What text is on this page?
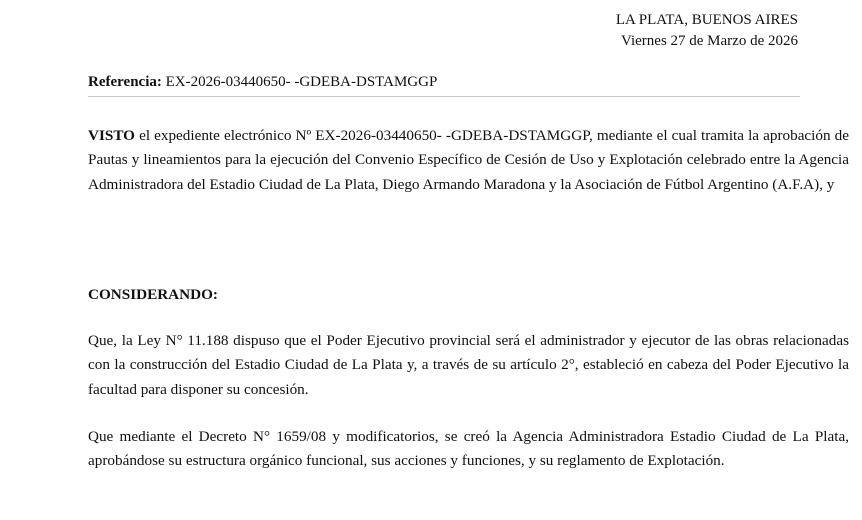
LA PLATA, BUENOS AIRES
Viernes 27 de Marzo de 2026
Referencia: EX-2026-03440650- -GDEBA-DSTAMGGP
VISTO el expediente electrónico Nº EX-2026-03440650- -GDEBA-DSTAMGGP, mediante el cual tramita la aprobación de Pautas y lineamientos para la ejecución del Convenio Específico de Cesión de Uso y Explotación celebrado entre la Agencia Administradora del Estadio Ciudad de La Plata, Diego Armando Maradona y la Asociación de Fútbol Argentino (A.F.A), y
CONSIDERANDO:
Que, la Ley N° 11.188 dispuso que el Poder Ejecutivo provincial será el administrador y ejecutor de las obras relacionadas con la construcción del Estadio Ciudad de La Plata y, a través de su artículo 2°, estableció en cabeza del Poder Ejecutivo la facultad para disponer su concesión.
Que mediante el Decreto N° 1659/08 y modificatorios, se creó la Agencia Administradora Estadio Ciudad de La Plata, aprobándose su estructura orgánico funcional, sus acciones y funciones, y su reglamento de Explotación.
